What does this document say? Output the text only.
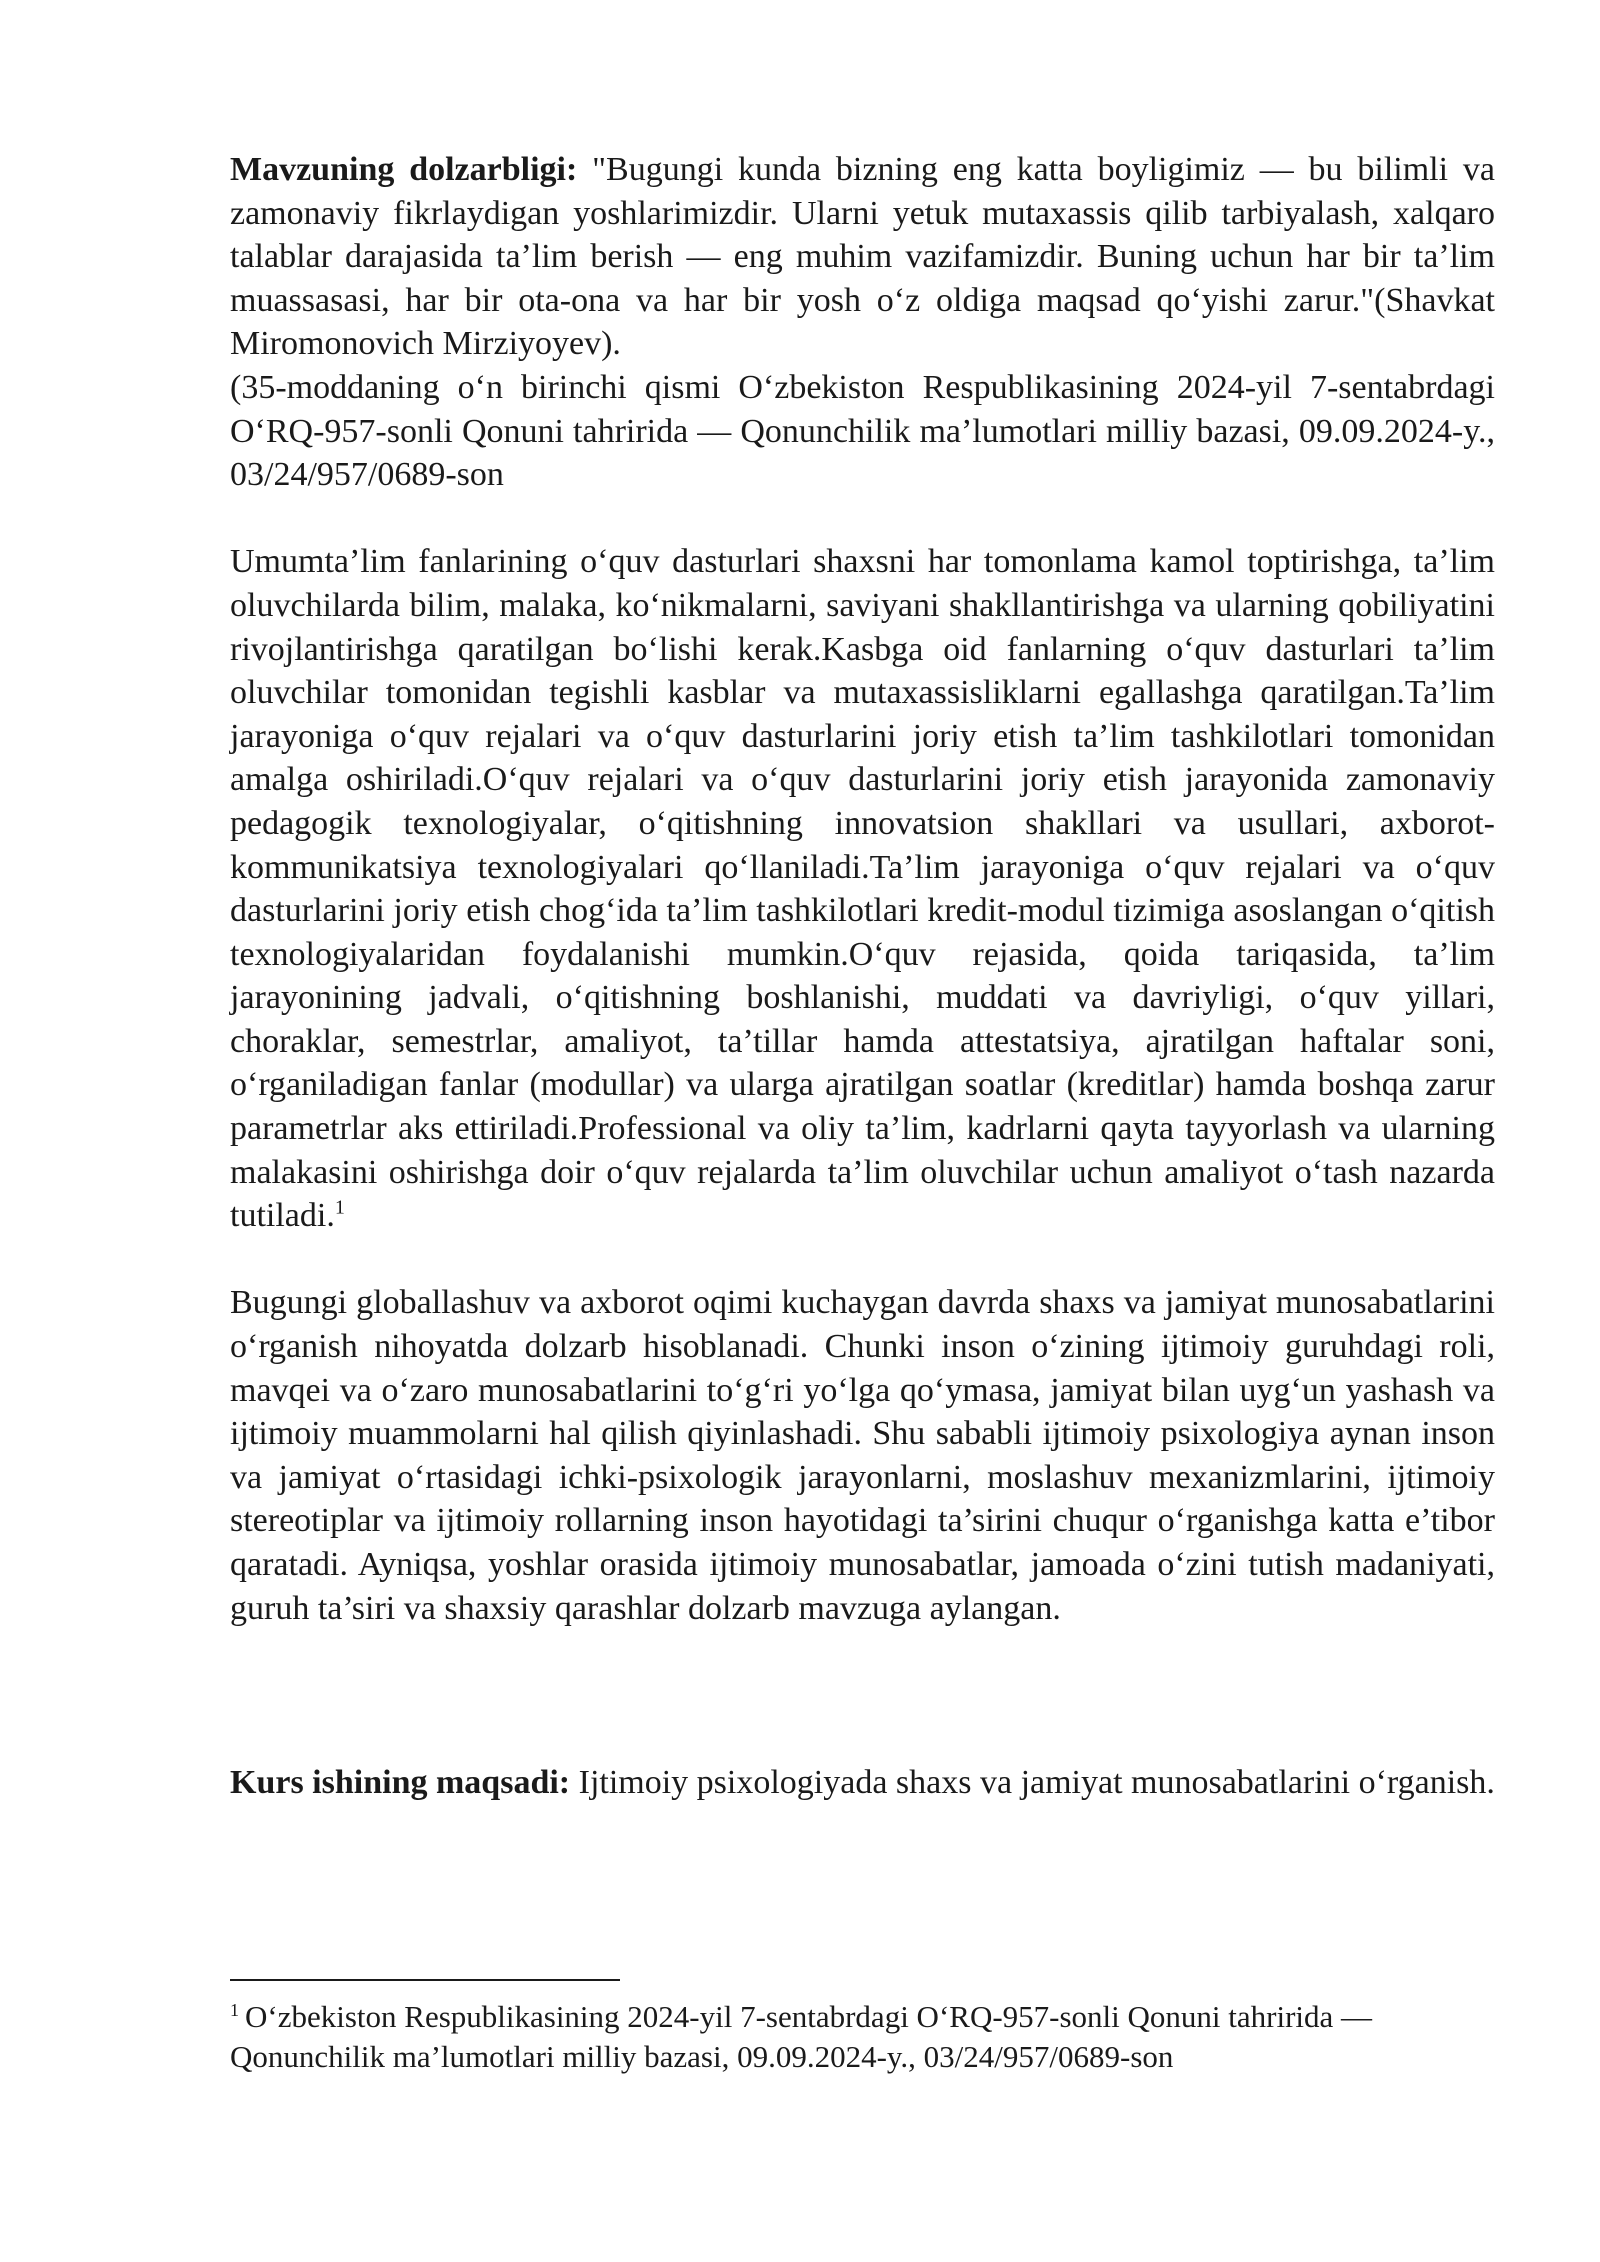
Mavzuning dolzarbligi: "Bugungi kunda bizning eng katta boyligimiz — bu bilimli va zamonaviy fikrlaydigan yoshlarimizdir. Ularni yetuk mutaxassis qilib tarbiyalash, xalqaro talablar darajasida ta’lim berish — eng muhim vazifamizdir. Buning uchun har bir ta’lim muassasasi, har bir ota-ona va har bir yosh o‘z oldiga maqsad qo‘yishi zarur."(Shavkat Miromonovich Mirziyoyev).

(35-moddaning o‘n birinchi qismi O‘zbekiston Respublikasining 2024-yil 7-sentabrdagi O‘RQ-957-sonli Qonuni tahririda — Qonunchilik ma’lumotlari milliy bazasi, 09.09.2024-y., 03/24/957/0689-son

Umumta’lim fanlarining o‘quv dasturlari shaxsni har tomonlama kamol toptirishga, ta’lim oluvchilarda bilim, malaka, ko‘nikmalarni, saviyani shakllantirishga va ularning qobiliyatini rivojlantirishga qaratilgan bo‘lishi kerak.Kasbga oid fanlarning o‘quv dasturlari ta’lim oluvchilar tomonidan tegishli kasblar va mutaxassisliklarni egallashga qaratilgan.Ta’lim jarayoniga o‘quv rejalari va o‘quv dasturlarini joriy etish ta’lim tashkilotlari tomonidan amalga oshiriladi.O‘quv rejalari va o‘quv dasturlarini joriy etish jarayonida zamonaviy pedagogik texnologiyalar, o‘qitishning innovatsion shakllari va usullari, axborot-kommunikatsiya texnologiyalari qo‘llaniladi.Ta’lim jarayoniga o‘quv rejalari va o‘quv dasturlarini joriy etish chog‘ida ta’lim tashkilotlari kredit-modul tizimiga asoslangan o‘qitish texnologiyalaridan foydalanishi mumkin.O‘quv rejasida, qoida tariqasida, ta’lim jarayonining jadvali, o‘qitishning boshlanishi, muddati va davriyligi, o‘quv yillari, choraklar, semestrlar, amaliyot, ta’tillar hamda attestatsiya, ajratilgan haftalar soni, o‘rganiladigan fanlar (modullar) va ularga ajratilgan soatlar (kreditlar) hamda boshqa zarur parametrlar aks ettiriladi.Professional va oliy ta’lim, kadrlarni qayta tayyorlash va ularning malakasini oshirishga doir o‘quv rejalarda ta’lim oluvchilar uchun amaliyot o‘tash nazarda tutiladi.$^1$

Bugungi globallashuv va axborot oqimi kuchaygan davrda shaxs va jamiyat munosabatlarini o‘rganish nihoyatda dolzarb hisoblanadi. Chunki inson o‘zining ijtimoiy guruhdagi roli, mavqei va o‘zaro munosabatlarini to‘g‘ri yo‘lga qo‘ymasa, jamiyat bilan uyg‘un yashash va ijtimoiy muammolarni hal qilish qiyinlashadi. Shu sababli ijtimoiy psixologiya aynan inson va jamiyat o‘rtasidagi ichki-psixologik jarayonlarni, moslashuv mexanizmlarini, ijtimoiy stereotiplar va ijtimoiy rollarning inson hayotidagi ta’sirini chuqur o‘rganishga katta e’tibor qaratadi. Ayniqsa, yoshlar orasida ijtimoiy munosabatlar, jamoada o‘zini tutish madaniyati, guruh ta’siri va shaxsiy qarashlar dolzarb mavzuga aylangan.

Kurs ishining maqsadi: Ijtimoiy psixologiyada shaxs va jamiyat munosabatlarini o‘rganish.

$^1$ O‘zbekiston Respublikasining 2024-yil 7-sentabrdagi O‘RQ-957-sonli Qonuni tahririda — Qonunchilik ma’lumotlari milliy bazasi, 09.09.2024-y., 03/24/957/0689-son
